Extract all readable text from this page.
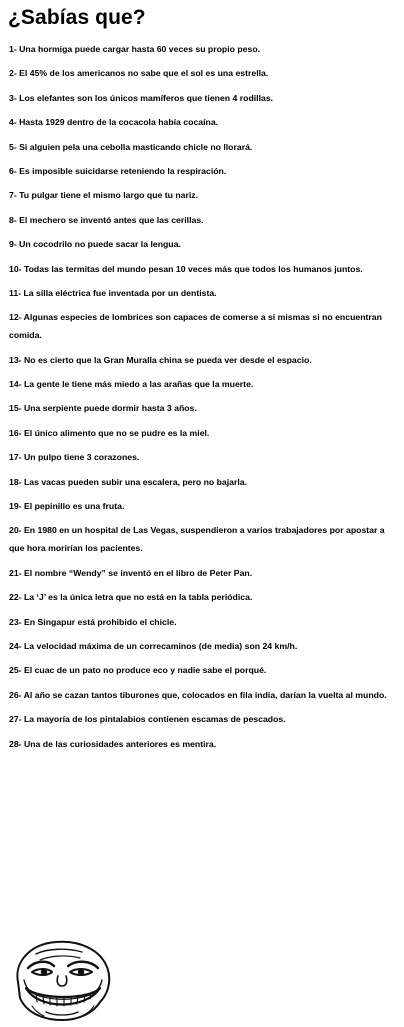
¿Sabías que?
1- Una hormiga puede cargar hasta 60 veces su propio peso.
2- El 45% de los americanos no sabe que el sol es una estrella.
3- Los elefantes son los únicos mamíferos que tienen 4 rodillas.
4- Hasta 1929 dentro de la cocacola había cocaína.
5- Si alguien pela una cebolla masticando chicle no llorará.
6- Es imposible suicidarse reteniendo la respiración.
7- Tu pulgar tiene el mismo largo que tu nariz.
8- El mechero se inventó antes que las cerillas.
9- Un cocodrilo no puede sacar la lengua.
10- Todas las termitas del mundo pesan 10 veces más que todos los humanos juntos.
11- La silla eléctrica fue inventada por un dentista.
12- Algunas especies de lombrices son capaces de comerse a si mismas si no encuentran comida.
13- No es cierto que la Gran Muralla china se pueda ver desde el espacio.
14- La gente le tiene más miedo a las arañas que la muerte.
15- Una serpiente puede dormir hasta 3 años.
16- El único alimento que no se pudre es la miel.
17- Un pulpo tiene 3 corazones.
18- Las vacas pueden subir una escalera, pero no bajarla.
19- El pepinillo es una fruta.
20- En 1980 en un hospital de Las Vegas, suspendieron a varios trabajadores por apostar a que hora morirían los pacientes.
21- El nombre “Wendy” se inventó en el libro de Peter Pan.
22- La ‘J’ es la única letra que no está en la tabla periódica.
23- En Singapur está prohibido el chicle.
24- La velocidad máxima de un correcaminos (de media) son 24 km/h.
25- El cuac de un pato no produce eco y nadie sabe el porqué.
26- Al año se cazan tantos tiburones que, colocados en fila india, darían la vuelta al mundo.
27- La mayoría de los pintalabios contienen escamas de pescados.
28- Una de las curiosidades anteriores es mentira.
